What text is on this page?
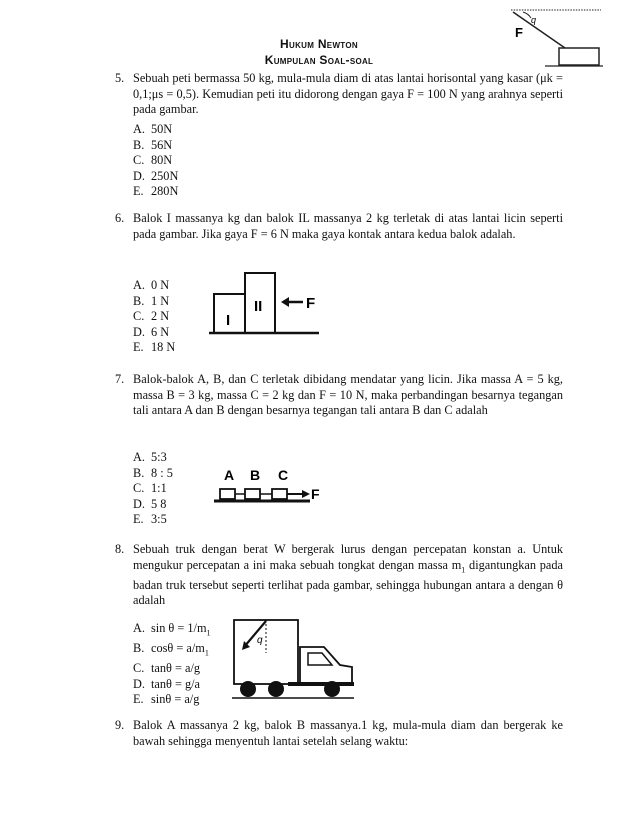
Hukum Newton
Kumpulan Soal-soal
q
F
5. Sebuah peti bermassa 50 kg, mula-mula diam di atas lantai horisontal yang kasar (μk = 0,1;μs = 0,5). Kemudian peti itu didorong dengan gaya F = 100 N yang arahnya seperti pada gambar.
A. 50N
B. 56N
C. 80N
D. 250N
E. 280N
6. Balok I massanya kg dan balok IL massanya 2 kg terletak di atas lantai licin seperti pada gambar. Jika gaya F = 6 N maka gaya kontak antara kedua balok adalah.
A. 0 N
B. 1 N
C. 2 N
D. 6 N
E. 18 N
I
II	F
7. Balok-balok A, B, dan C terletak dibidang mendatar yang licin. Jika massa A = 5 kg, massa B = 3 kg, massa C = 2 kg dan F = 10 N, maka perbandingan besarnya tegangan tali antara A dan B dengan besarnya tegangan tali antara B dan C adalah
A. 5:3
B. 8 : 5
C. 1:1
D. 5 8
E. 3:5
A B C
F
8. Sebuah truk dengan berat W bergerak lurus dengan percepatan konstan a. Untuk mengukur percepatan a ini maka sebuah tongkat dengan massa $m_1$ digantungkan pada badan truk tersebut seperti terlihat pada gambar, sehingga hubungan antara a dengan θ adalah
A. $\sin \theta = 1/m_1$
B. $\cos\theta = a/m_1$
C. tanθ = a/g
D. tanθ = g/a
E. sinθ = a/g
q
9. Balok A massanya 2 kg, balok B massanya.1 kg, mula-mula diam dan bergerak ke bawah sehingga menyentuh lantai setelah selang waktu:
